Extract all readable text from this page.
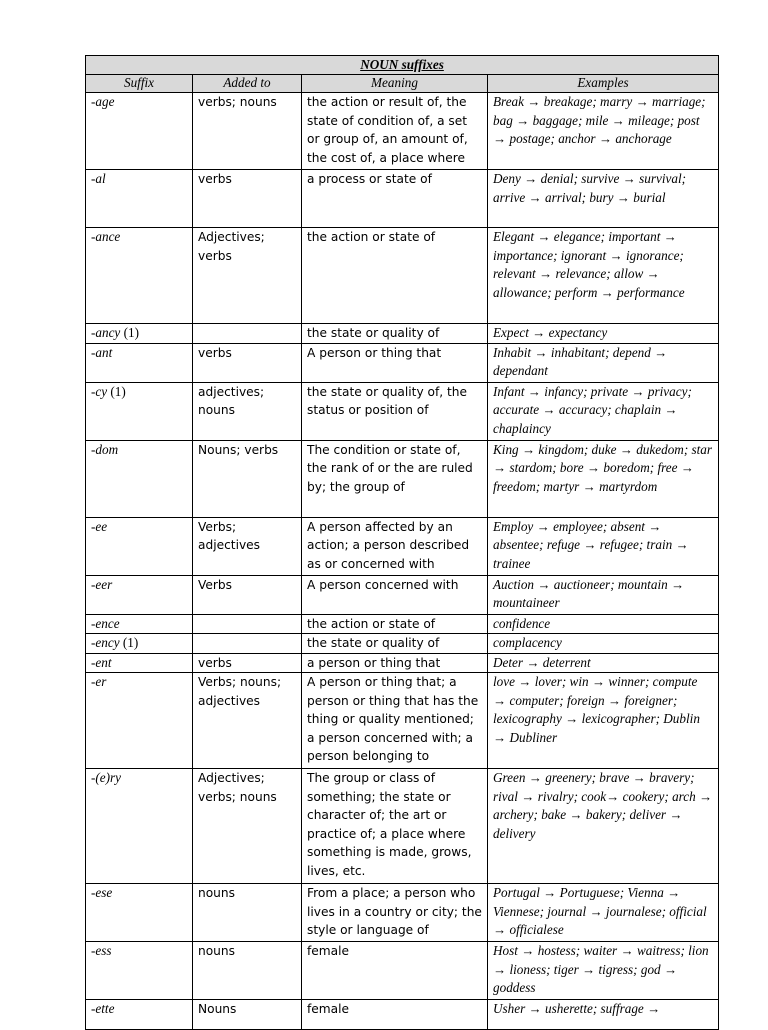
NOUN suffixes			
Suffix	Added to	Meaning	Examples
-age	verbs; nouns	the action or result of, the state of condition of, a set or group of, an amount of, the cost of, a place where	Break → breakage; marry → marriage; bag → baggage; mile → mileage; post → postage; anchor → anchorage
-al	verbs	a process or state of	Deny → denial; survive → survival; arrive → arrival; bury → burial
-ance	Adjectives; verbs	the action or state of	Elegant → elegance; important → importance; ignorant → ignorance; relevant → relevance; allow → allowance; perform → performance
-ancy (1)		the state or quality of	Expect → expectancy
-ant	verbs	A person or thing that	Inhabit → inhabitant; depend → dependant
-cy (1)	adjectives; nouns	the state or quality of, the status or position of	Infant → infancy; private → privacy; accurate → accuracy; chaplain → chaplaincy
-dom	Nouns; verbs	The condition or state of, the rank of or the are ruled by; the group of	King → kingdom; duke → dukedom; star → stardom; bore → boredom; free → freedom; martyr → martyrdom
-ee	Verbs; adjectives	A person affected by an action; a person described as or concerned with	Employ → employee; absent → absentee; refuge → refugee; train → trainee
-eer	Verbs	A person concerned with	Auction → auctioneer; mountain → mountaineer
-ence		the action or state of	confidence
-ency (1)		the state or quality of	complacency
-ent	verbs	a person or thing that	Deter → deterrent
-er	Verbs; nouns; adjectives	A person or thing that; a person or thing that has the thing or quality mentioned; a person concerned with; a person belonging to	love → lover; win → winner; compute → computer; foreign → foreigner; lexicography → lexicographer; Dublin → Dubliner
-(e)ry	Adjectives; verbs; nouns	The group or class of something; the state or character of; the art or practice of; a place where something is made, grows, lives, etc.	Green → greenery; brave → bravery; rival → rivalry; cook→ cookery; arch → archery; bake → bakery; deliver → delivery
-ese	nouns	From a place; a person who lives in a country or city; the style or language of	Portugal → Portuguese; Vienna → Viennese; journal → journalese; official → officialese
-ess	nouns	female	Host → hostess; waiter → waitress; lion → lioness; tiger → tigress; god → goddess
-ette	Nouns	female	Usher → usherette; suffrage →
